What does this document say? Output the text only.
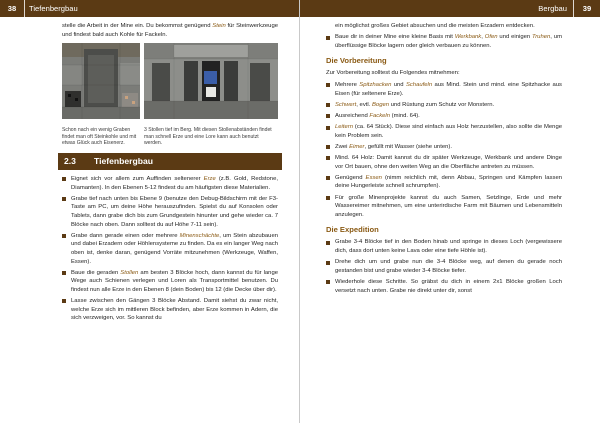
38	Tiefenbergbau

stelle die Arbeit in der Mine ein. Du bekommst genügend Stein für Steinwerkzeuge und findest bald auch Kohle für Fackeln.

Schon nach ein wenig Graben findet man oft Steinkohle und mit etwas Glück auch Eisenerz.
3 Stollen tief im Berg. Mit diesen Stollenabständen findet man schnell Erze und eine Lore kann auch benutzt werden.
2.3	Tiefenbergbau
Eignet sich vor allem zum Auffinden seltenerer Erze (z.B. Gold, Redstone, Diamanten). In den Ebenen 5-12 findest du am häufigsten diese Materialien.
Grabe tief nach unten bis Ebene 9 (benutze den Debug-Bildschirm mit der F3-Taste am PC, um deine Höhe herauszufinden. Spielst du auf Konsolen oder Tablets, dann grabe dich bis zum Grundgestein hinunter und gehe wieder ca. 7 Blöcke nach oben. Dann solltest du auf Höhe 7-11 sein).
Grabe dann gerade einen oder mehrere Minenschächte, um Stein abzubauen und dabei Erzadern oder Höhlensysteme zu finden. Da es ein langer Weg nach oben ist, denke daran, genügend Vorräte mitzunehmen (Werkzeuge, Waffen, Essen).
Baue die geraden Stollen am besten 3 Blöcke hoch, dann kannst du für lange Wege auch Schienen verlegen und Loren als Transportmittel benutzen. Du findest nun alle Erze in den Ebenen 8 (dein Boden) bis 12 (die Decke über dir).
Lasse zwischen den Gängen 3 Blöcke Abstand. Damit siehst du zwar nicht, welche Erze sich im mittleren Block befinden, aber Erze kommen in Adern, die sich verzweigen, vor. So kannst du
Bergbau	39
ein möglichst großes Gebiet absuchen und die meisten Erzadern entdecken.
Baue dir in deiner Mine eine kleine Basis mit Werkbank, Ofen und einigen Truhen, um überflüssige Blöcke lagern oder gleich verbauen zu können.
Die Vorbereitung

Zur Vorbereitung solltest du Folgendes mitnehmen:

Mehrere Spitzhacken und Schaufeln aus Mind. Stein und mind. eine Spitzhacke aus Eisen (für seltenere Erze).
Schwert, evtl. Bogen und Rüstung zum Schutz vor Monstern.
Ausreichend Fackeln (mind. 64).
Leitern (ca. 64 Stück). Diese sind einfach aus Holz herzustellen, also sollte die Menge kein Problem sein.
Zwei Eimer, gefüllt mit Wasser (siehe unten).
Mind. 64 Holz: Damit kannst du dir später Werkzeuge, Werkbank und andere Dinge vor Ort bauen, ohne den weiten Weg an die Oberfläche antreten zu müssen.
Genügend Essen (nimm reichlich mit, denn Abbau, Springen und Kämpfen lassen deine Hungerleiste schnell schrumpfen).
Für große Minenprojekte kannst du auch Samen, Setzlinge, Erde und mehr Wassereimer mitnehmen, um eine unterirdische Farm mit Bäumen und Lebensmitteln anzulegen.
Die Expedition
Grabe 3-4 Blöcke tief in den Boden hinab und springe in dieses Loch (vergewissere dich, dass dort unten keine Lava oder eine tiefe Höhle ist).
Drehe dich um und grabe nun die 3-4 Blöcke weg, auf denen du gerade noch gestanden bist und grabe wieder 3-4 Blöcke tiefer.
Wiederhole diese Schritte. So gräbst du dich in einem 2x1 Blöcke großen Loch versetzt nach unten. Grabe nie direkt unter dir, sonst
